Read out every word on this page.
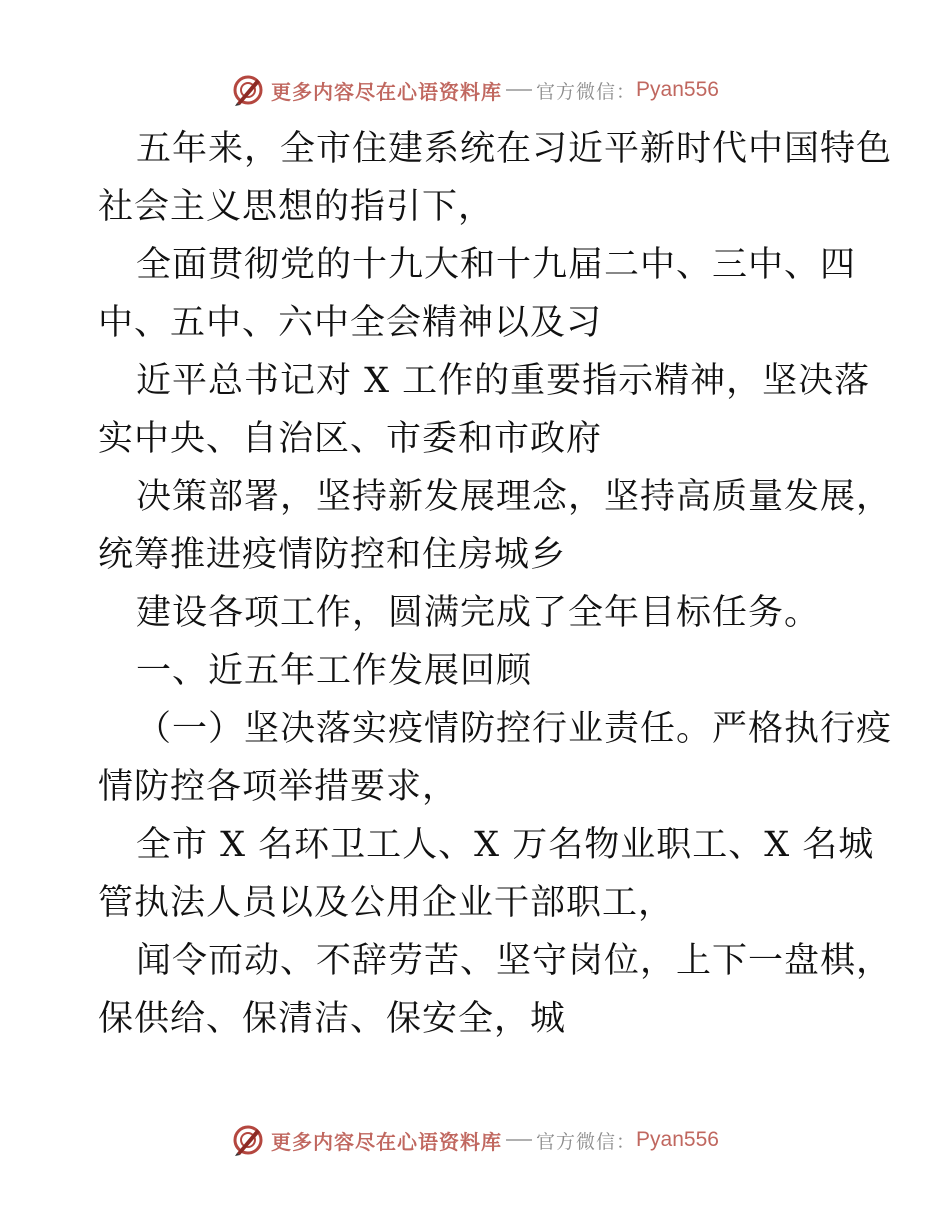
更多内容尽在心语资料库 官方微信： Pyan556
五年来，全市住建系统在习近平新时代中国特色
社会主义思想的指引下，
全面贯彻党的十九大和十九届二中、三中、四
中、五中、六中全会精神以及习
近平总书记对 X 工作的重要指示精神，坚决落
实中央、自治区、市委和市政府
决策部署，坚持新发展理念，坚持高质量发展，
统筹推进疫情防控和住房城乡
建设各项工作，圆满完成了全年目标任务。
一、近五年工作发展回顾
（一）坚决落实疫情防控行业责任。严格执行疫
情防控各项举措要求，
全市 X 名环卫工人、X 万名物业职工、X 名城
管执法人员以及公用企业干部职工，
闻令而动、不辞劳苦、坚守岗位，上下一盘棋，
保供给、保清洁、保安全，城
更多内容尽在心语资料库 官方微信： Pyan556
